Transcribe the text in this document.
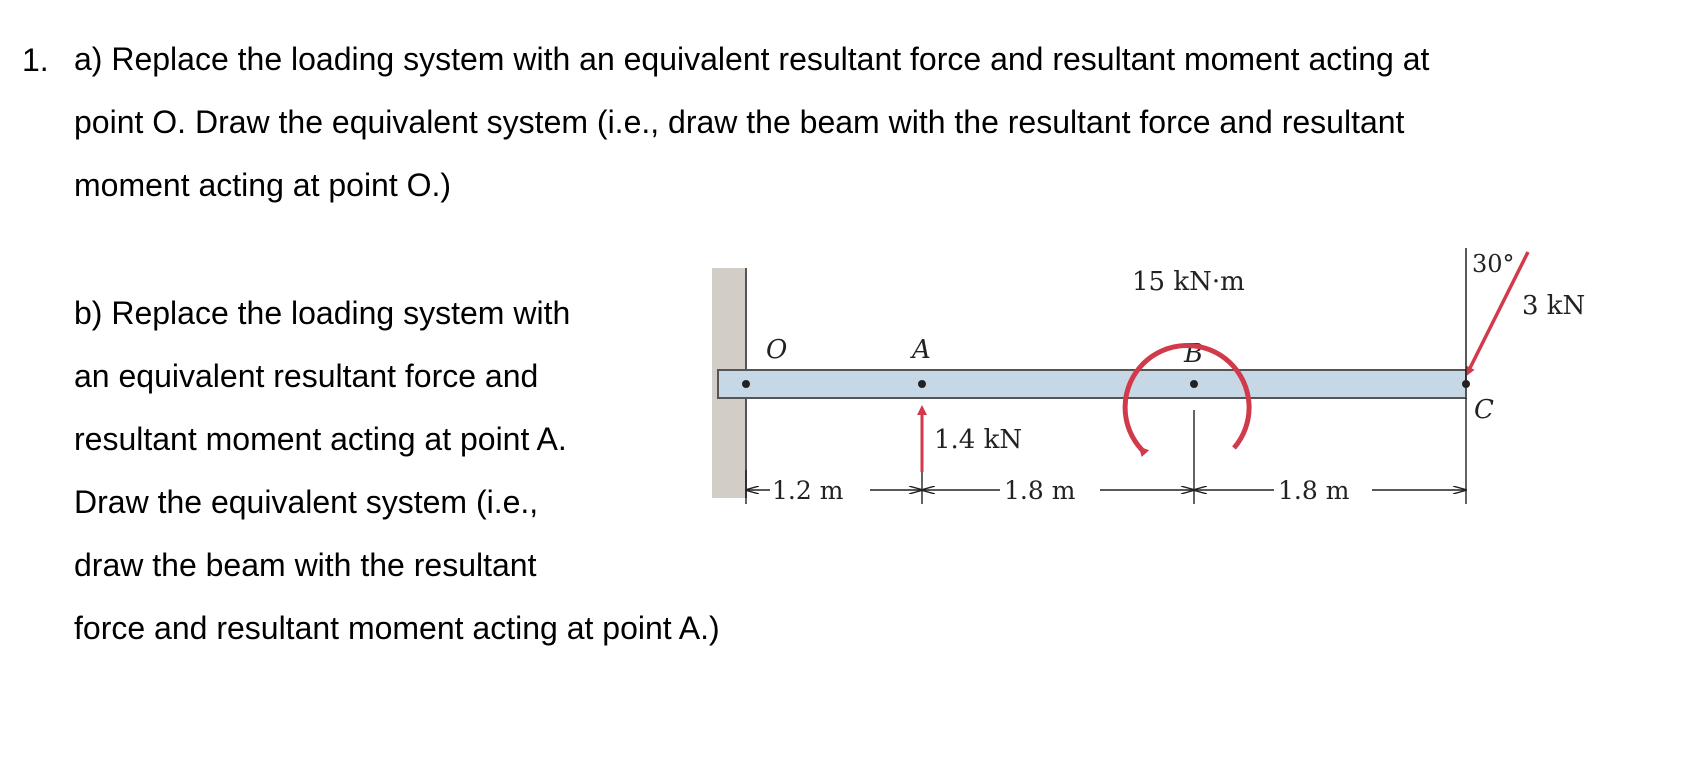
1. a) Replace the loading system with an equivalent resultant force and resultant moment acting at
point O. Draw the equivalent system (i.e., draw the beam with the resultant force and resultant
moment acting at point O.)
b) Replace the loading system with
an equivalent resultant force and
resultant moment acting at point A.
Draw the equivalent system (i.e.,
draw the beam with the resultant
force and resultant moment acting at point A.)
O	A	B
C
1.4 kN
15 kN·m
30°
3 kN
1.2 m	1.8 m	1.8 m
